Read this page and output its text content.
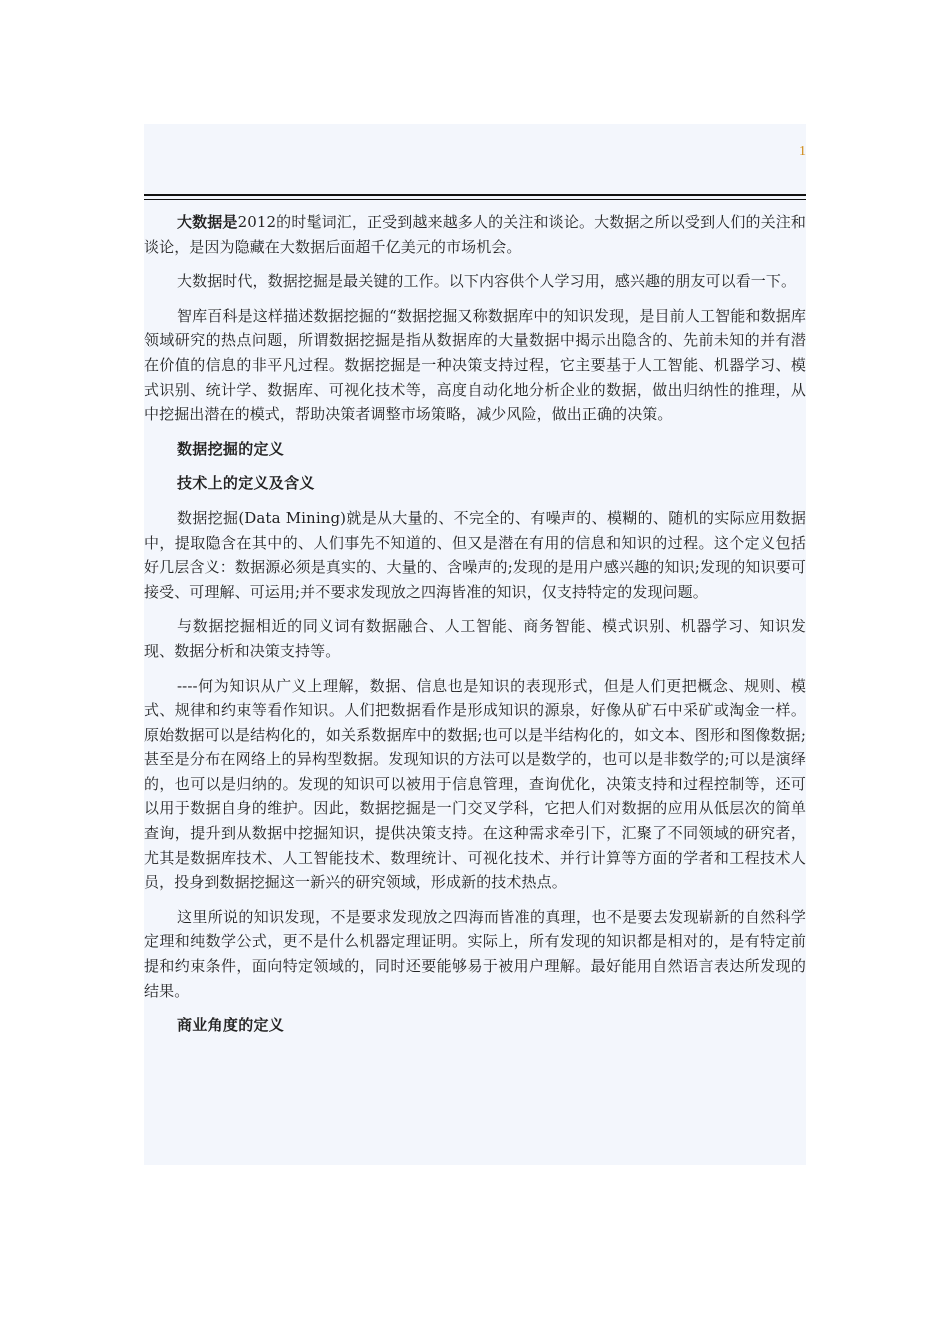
1

大数据是2012的时髦词汇，正受到越来越多人的关注和谈论。大数据之所以受到人们的关注和谈论，是因为隐藏在大数据后面超千亿美元的市场机会。

大数据时代，数据挖掘是最关键的工作。以下内容供个人学习用，感兴趣的朋友可以看一下。

智库百科是这样描述数据挖掘的“数据挖掘又称数据库中的知识发现，是目前人工智能和数据库领域研究的热点问题，所谓数据挖掘是指从数据库的大量数据中揭示出隐含的、先前未知的并有潜在价值的信息的非平凡过程。数据挖掘是一种决策支持过程，它主要基于人工智能、机器学习、模式识别、统计学、数据库、可视化技术等，高度自动化地分析企业的数据，做出归纳性的推理，从中挖掘出潜在的模式，帮助决策者调整市场策略，减少风险，做出正确的决策。

数据挖掘的定义

技术上的定义及含义

数据挖掘(Data Mining)就是从大量的、不完全的、有噪声的、模糊的、随机的实际应用数据中，提取隐含在其中的、人们事先不知道的、但又是潜在有用的信息和知识的过程。这个定义包括好几层含义：数据源必须是真实的、大量的、含噪声的;发现的是用户感兴趣的知识;发现的知识要可接受、可理解、可运用;并不要求发现放之四海皆准的知识，仅支持特定的发现问题。

与数据挖掘相近的同义词有数据融合、人工智能、商务智能、模式识别、机器学习、知识发现、数据分析和决策支持等。

----何为知识从广义上理解，数据、信息也是知识的表现形式，但是人们更把概念、规则、模式、规律和约束等看作知识。人们把数据看作是形成知识的源泉，好像从矿石中采矿或淘金一样。原始数据可以是结构化的，如关系数据库中的数据;也可以是半结构化的，如文本、图形和图像数据;甚至是分布在网络上的异构型数据。发现知识的方法可以是数学的，也可以是非数学的;可以是演绎的，也可以是归纳的。发现的知识可以被用于信息管理，查询优化，决策支持和过程控制等，还可以用于数据自身的维护。因此，数据挖掘是一门交叉学科，它把人们对数据的应用从低层次的简单查询，提升到从数据中挖掘知识，提供决策支持。在这种需求牵引下，汇聚了不同领域的研究者，尤其是数据库技术、人工智能技术、数理统计、可视化技术、并行计算等方面的学者和工程技术人员，投身到数据挖掘这一新兴的研究领域，形成新的技术热点。

这里所说的知识发现，不是要求发现放之四海而皆准的真理，也不是要去发现崭新的自然科学定理和纯数学公式，更不是什么机器定理证明。实际上，所有发现的知识都是相对的，是有特定前提和约束条件，面向特定领域的，同时还要能够易于被用户理解。最好能用自然语言表达所发现的结果。

商业角度的定义
